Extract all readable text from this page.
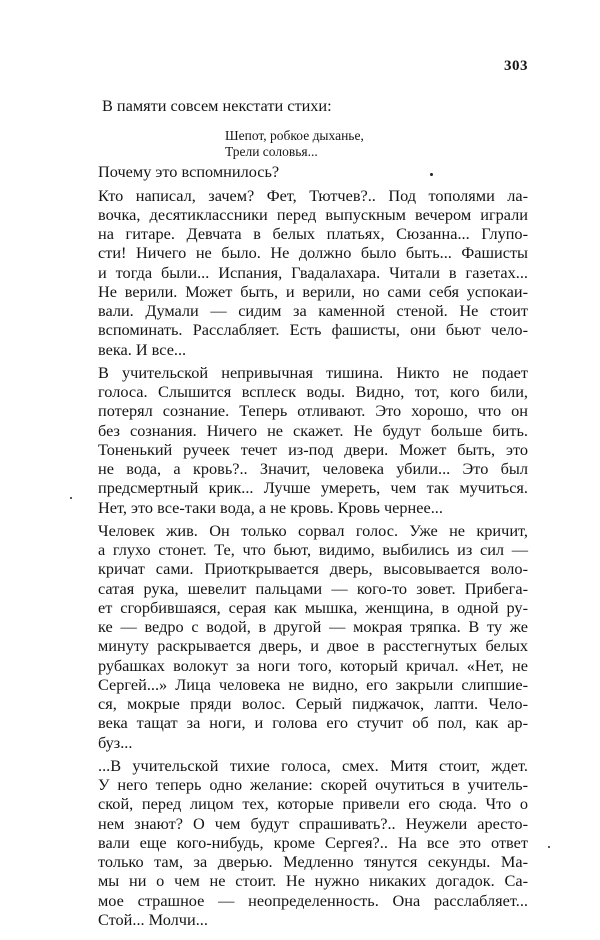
303
Шепот, робкое дыханье,
Трели соловья...
В памяти совсем некстати стихи:
Почему это вспомнилось?
Кто написал, зачем? Фет, Тютчев?.. Под тополями ла-
вочка, десятиклассники перед выпускным вечером играли
на гитаре. Девчата в белых платьях, Сюзанна... Глупо-
сти! Ничего не было. Не должно было быть... Фашисты
и тогда были... Испания, Гвадалахара. Читали в газетах...
Не верили. Может быть, и верили, но сами себя успокаи-
вали. Думали — сидим за каменной стеной. Не стоит
вспоминать. Расслабляет. Есть фашисты, они бьют чело-
века. И все...
В учительской непривычная тишина. Никто не подает
голоса. Слышится всплеск воды. Видно, тот, кого били,
потерял сознание. Теперь отливают. Это хорошо, что он
без сознания. Ничего не скажет. Не будут больше бить.
Тоненький ручеек течет из-под двери. Может быть, это
не вода, а кровь?.. Значит, человека убили... Это был
предсмертный крик... Лучше умереть, чем так мучиться.
Нет, это все-таки вода, а не кровь. Кровь чернее...
Человек жив. Он только сорвал голос. Уже не кричит,
а глухо стонет. Те, что бьют, видимо, выбились из сил —
кричат сами. Приоткрывается дверь, высовывается воло-
сатая рука, шевелит пальцами — кого-то зовет. Прибега-
ет сгорбившаяся, серая как мышка, женщина, в одной ру-
ке — ведро с водой, в другой — мокрая тряпка. В ту же
минуту раскрывается дверь, и двое в расстегнутых белых
рубашках волокут за ноги того, который кричал. «Нет, не
Сергей...» Лица человека не видно, его закрыли слипшие-
ся, мокрые пряди волос. Серый пиджачок, лапти. Чело-
века тащат за ноги, и голова его стучит об пол, как ар-
буз...
...В учительской тихие голоса, смех. Митя стоит, ждет.
У него теперь одно желание: скорей очутиться в учитель-
ской, перед лицом тех, которые привели его сюда. Что о
нем знают? О чем будут спрашивать?.. Неужели аресто-
вали еще кого-нибудь, кроме Сергея?.. На все это ответ
только там, за дверью. Медленно тянутся секунды. Ма-
мы ни о чем не стоит. Не нужно никаких догадок. Са-
мое страшное — неопределенность. Она расслабляет...
Стой... Молчи...
